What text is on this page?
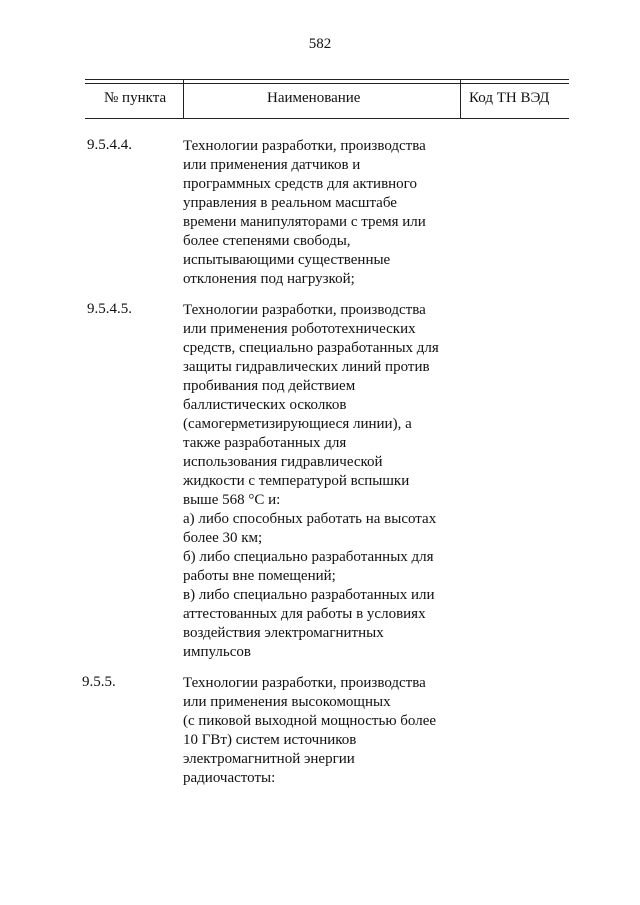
582
№ пункта	Наименование	Код ТН ВЭД
9.5.4.4.	Технологии разработки, производства
или применения датчиков и
программных средств для активного
управления в реальном масштабе
времени манипуляторами с тремя или
более степенями свободы,
испытывающими существенные
отклонения под нагрузкой;
9.5.4.5.	Технологии разработки, производства
или применения робототехнических
средств, специально разработанных для
защиты гидравлических линий против
пробивания под действием
баллистических осколков
(самогерметизирующиеся линии), а
также разработанных для
использования гидравлической
жидкости с температурой вспышки
выше 568 °С и:
а) либо способных работать на высотах
более 30 км;
б) либо специально разработанных для
работы вне помещений;
в) либо специально разработанных или
аттестованных для работы в условиях
воздействия электромагнитных
импульсов
9.5.5.	Технологии разработки, производства
или применения высокомощных
(с пиковой выходной мощностью более
10 ГВт) систем источников
электромагнитной энергии
радиочастоты:
